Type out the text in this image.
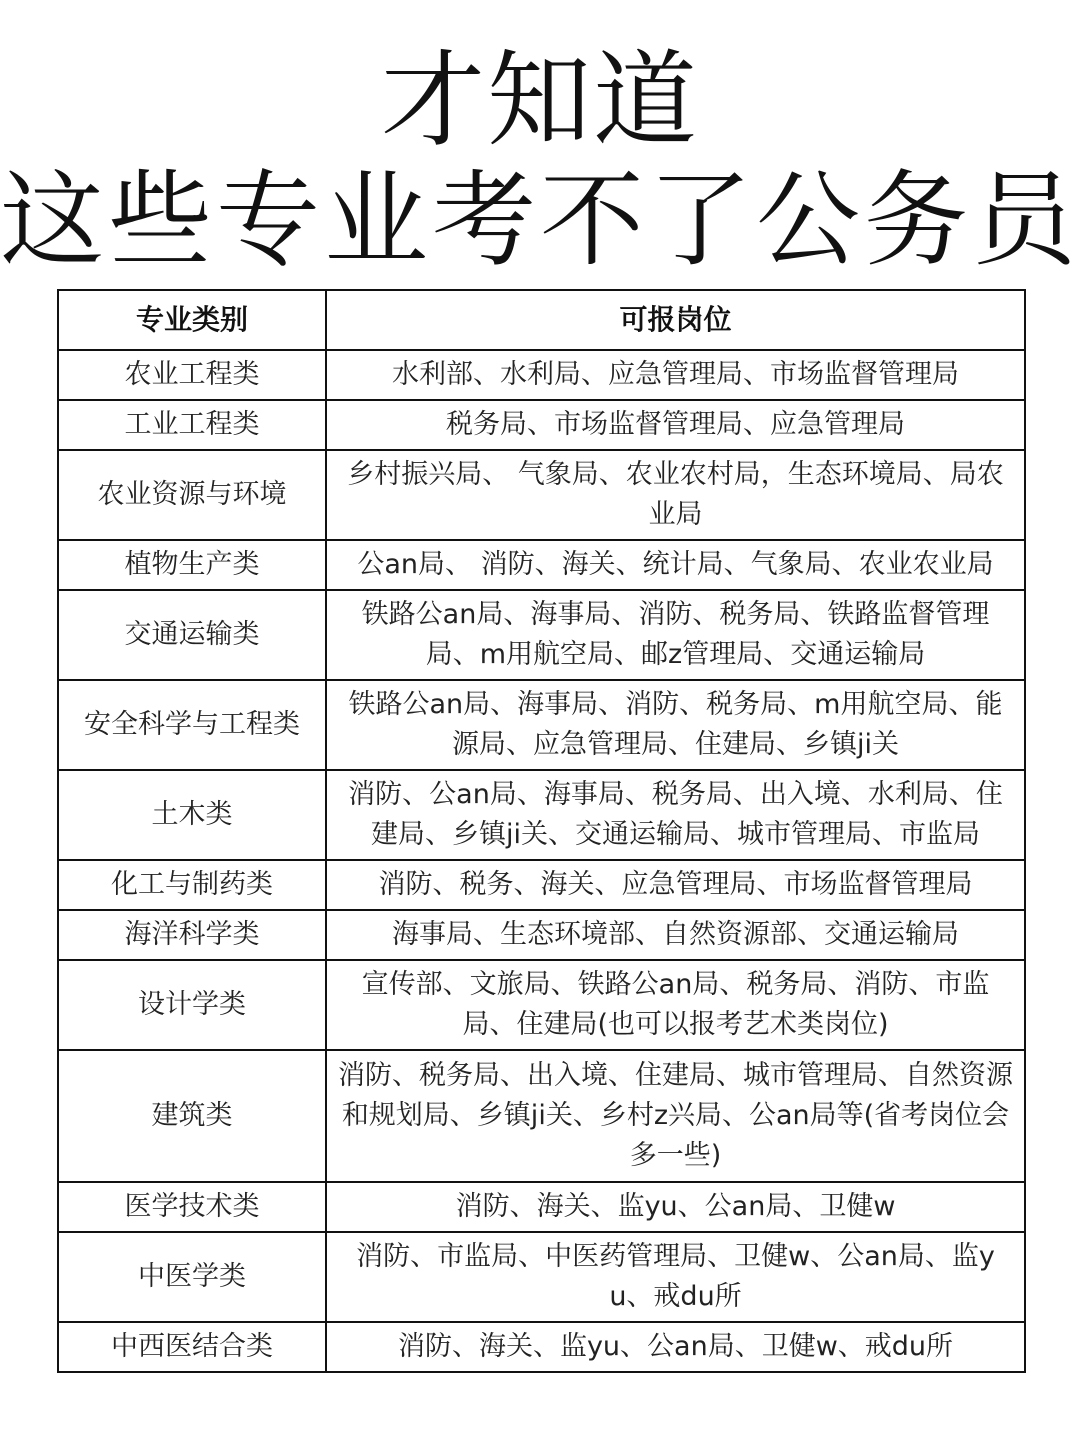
才知道
这些专业考不了公务员
专业类别	可报岗位
农业工程类	水利部、水利局、应急管理局、市场监督管理局
工业工程类	税务局、市场监督管理局、应急管理局
农业资源与环境	乡村振兴局、 气象局、农业农村局，生态环境局、局农业局
植物生产类	公an局、 消防、海关、统计局、气象局、农业农业局
交通运输类	铁路公an局、海事局、消防、税务局、铁路监督管理局、m用航空局、邮z管理局、交通运输局
安全科学与工程类	铁路公an局、海事局、消防、税务局、m用航空局、能源局、应急管理局、住建局、乡镇ji关
土木类	消防、公an局、海事局、税务局、出入境、水利局、住建局、乡镇ji关、交通运输局、城市管理局、市监局
化工与制药类	消防、税务、海关、应急管理局、市场监督管理局
海洋科学类	海事局、生态环境部、自然资源部、交通运输局
设计学类	宣传部、文旅局、铁路公an局、税务局、消防、市监局、住建局(也可以报考艺术类岗位)
建筑类	消防、税务局、出入境、住建局、城市管理局、自然资源和规划局、乡镇ji关、乡村z兴局、公an局等(省考岗位会多一些)
医学技术类	消防、海关、监yu、公an局、卫健w
中医学类	消防、市监局、中医药管理局、卫健w、公an局、监yu、戒du所
中西医结合类	消防、海关、监yu、公an局、卫健w、戒du所
